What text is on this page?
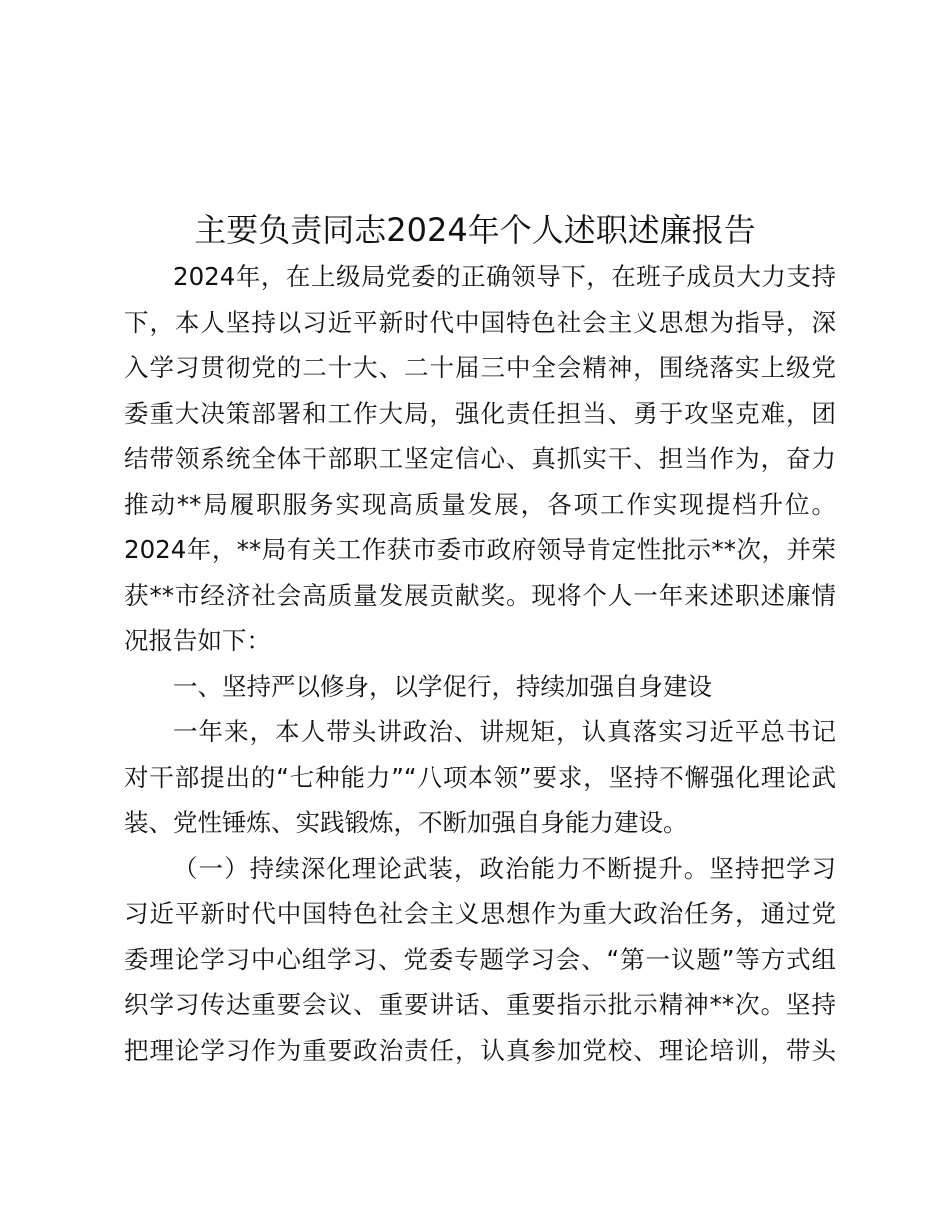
主要负责同志2024年个人述职述廉报告
2024年，在上级局党委的正确领导下，在班子成员大力支持
下，本人坚持以习近平新时代中国特色社会主义思想为指导，深
入学习贯彻党的二十大、二十届三中全会精神，围绕落实上级党
委重大决策部署和工作大局，强化责任担当、勇于攻坚克难，团
结带领系统全体干部职工坚定信心、真抓实干、担当作为，奋力
推动**局履职服务实现高质量发展，各项工作实现提档升位。
2024年，**局有关工作获市委市政府领导肯定性批示**次，并荣
获**市经济社会高质量发展贡献奖。现将个人一年来述职述廉情
况报告如下：
一、坚持严以修身，以学促行，持续加强自身建设
一年来，本人带头讲政治、讲规矩，认真落实习近平总书记
对干部提出的“七种能力”“八项本领”要求，坚持不懈强化理论武
装、党性锤炼、实践锻炼，不断加强自身能力建设。
（一）持续深化理论武装，政治能力不断提升。坚持把学习
习近平新时代中国特色社会主义思想作为重大政治任务，通过党
委理论学习中心组学习、党委专题学习会、“第一议题”等方式组
织学习传达重要会议、重要讲话、重要指示批示精神**次。坚持
把理论学习作为重要政治责任，认真参加党校、理论培训，带头
